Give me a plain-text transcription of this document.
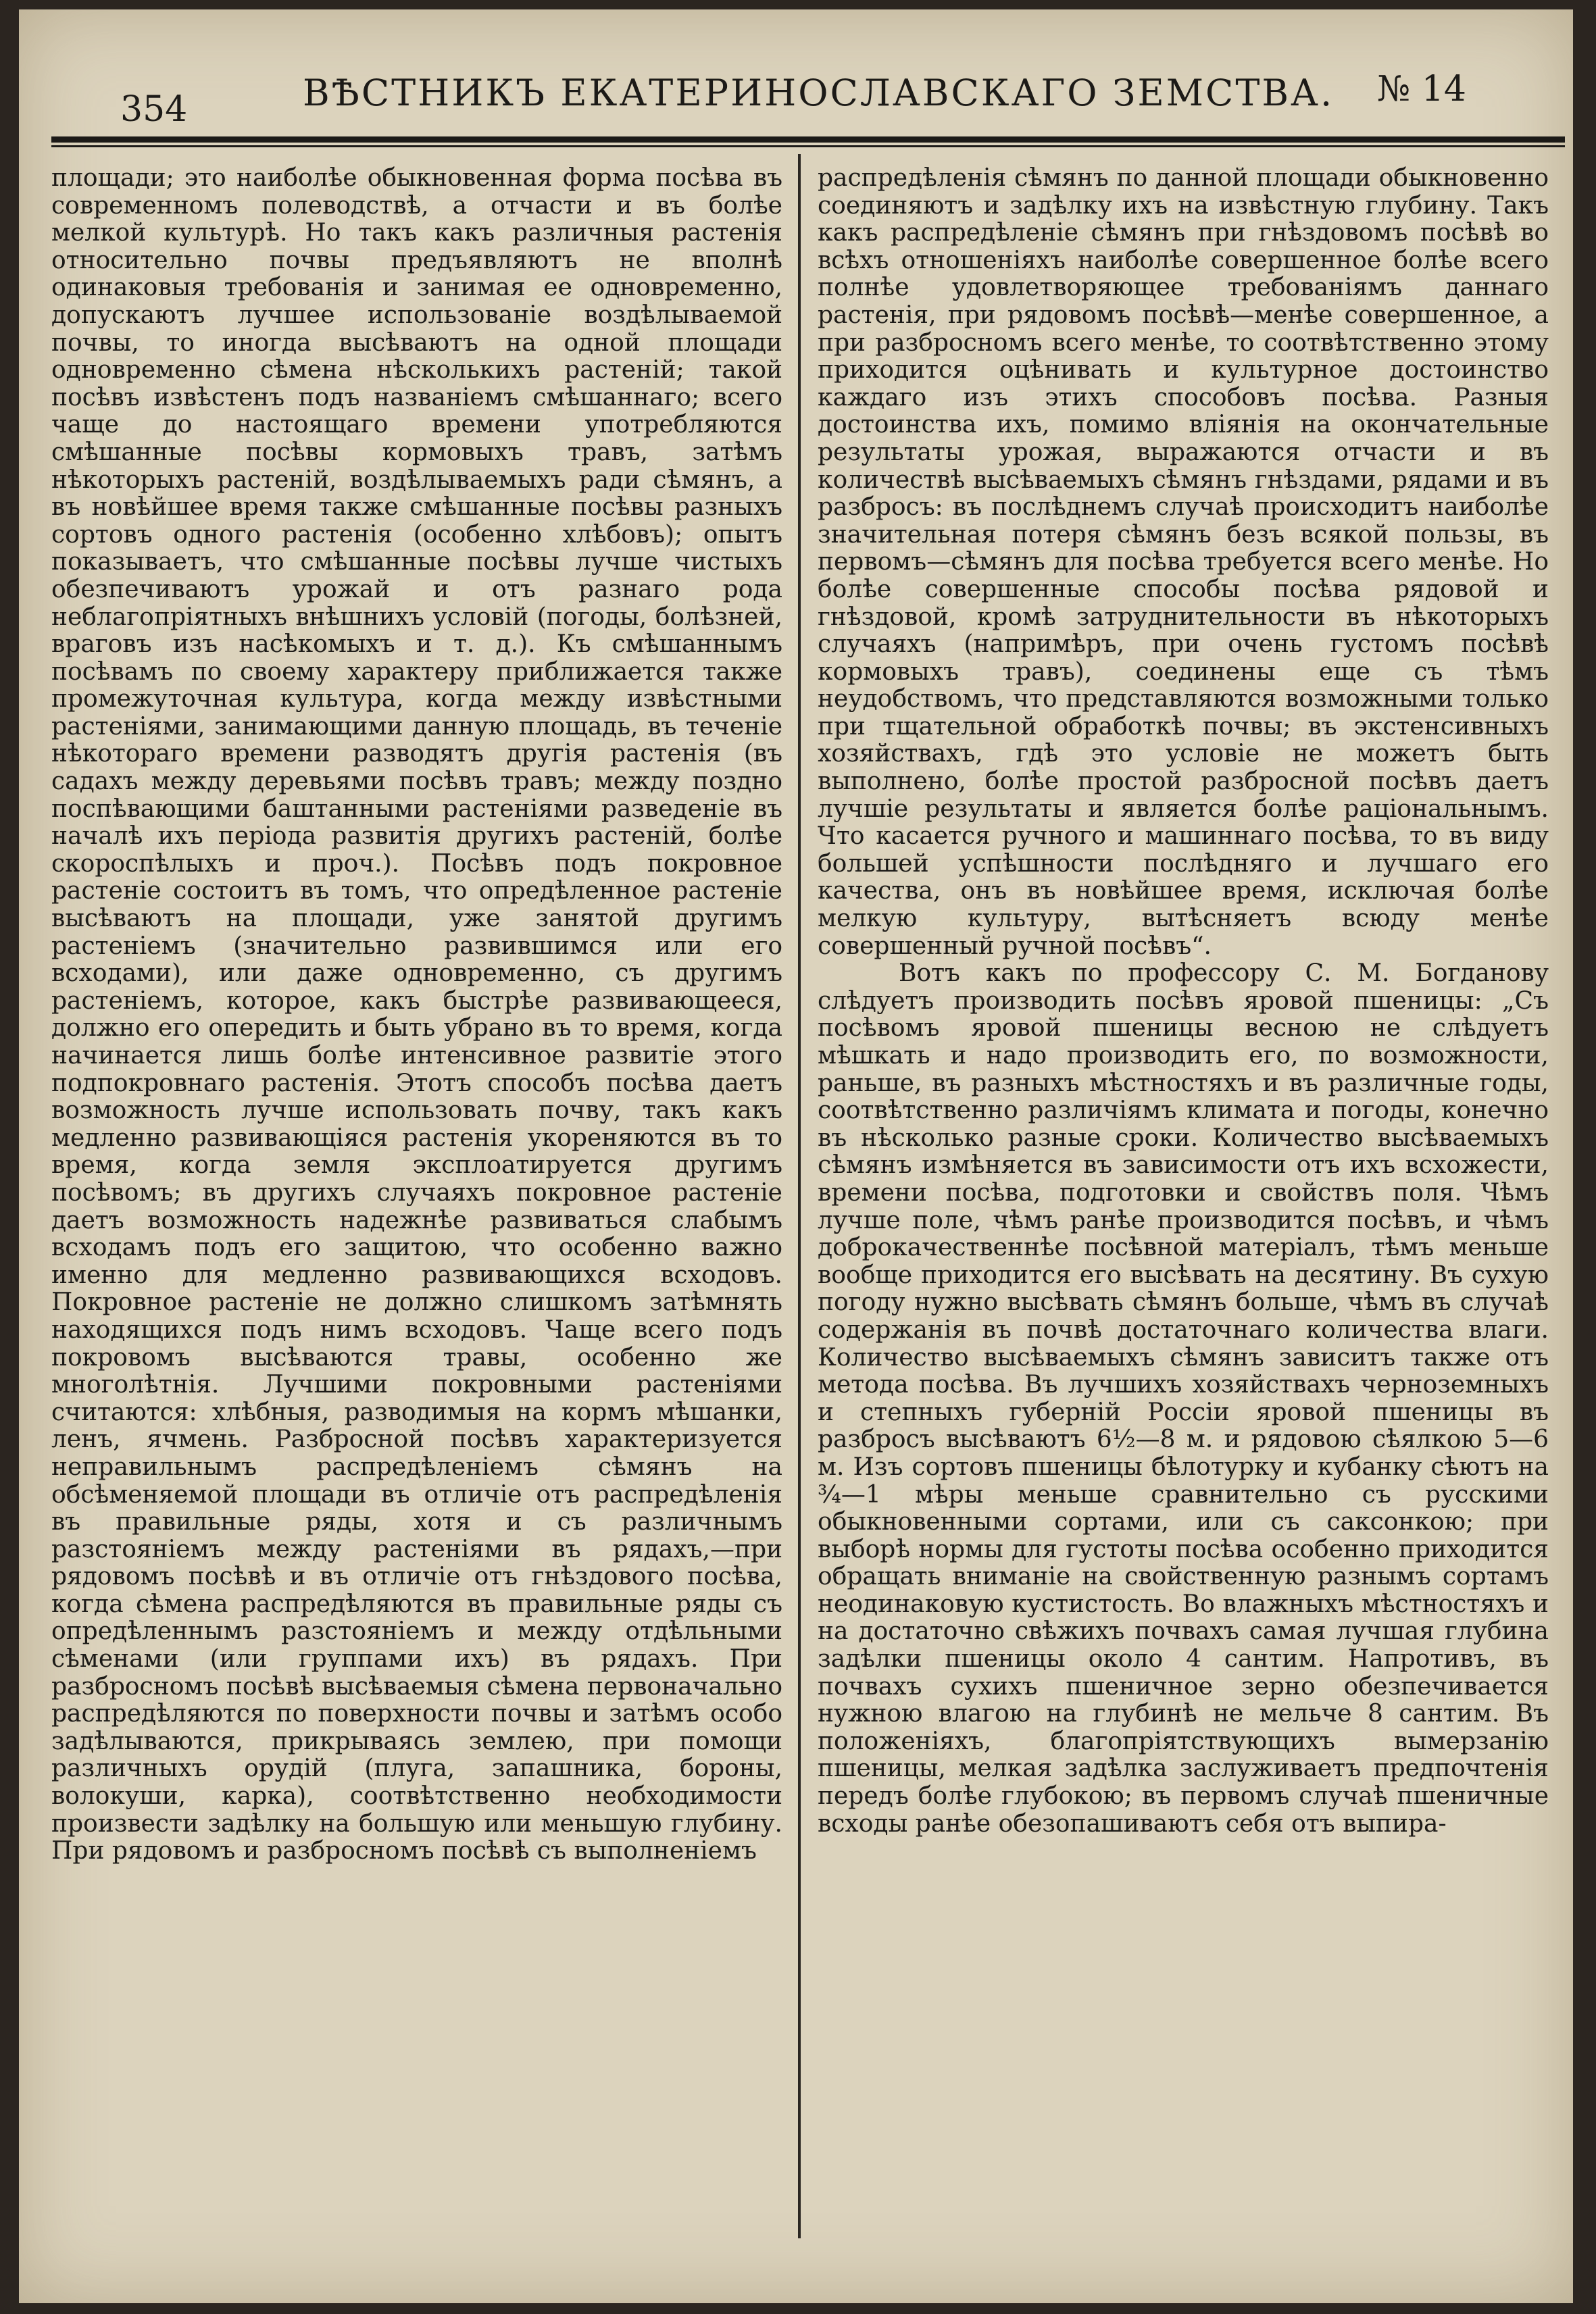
354	ВѢСТНИКЪ ЕКАТЕРИНОСЛАВСКАГО ЗЕМСТВА. № 14

площади; это наиболѣе обыкновенная форма посѣва въ современномъ полеводствѣ, а отчасти и въ болѣе мелкой культурѣ. Но такъ какъ различныя растенія относительно почвы предъявляютъ не вполнѣ одинаковыя требованія и занимая ее одновременно, допускаютъ лучшее использованіе воздѣлываемой почвы, то иногда высѣваютъ на одной площади одновременно сѣмена нѣсколькихъ растеній; такой посѣвъ извѣстенъ подъ названіемъ смѣшаннаго; всего чаще до настоящаго времени употребляются смѣшанные посѣвы кормовыхъ травъ, затѣмъ нѣкоторыхъ растеній, воздѣлываемыхъ ради сѣмянъ, а въ новѣйшее время также смѣшанные посѣвы разныхъ сортовъ одного растенія (особенно хлѣбовъ); опытъ показываетъ, что смѣшанные посѣвы лучше чистыхъ обезпечиваютъ урожай и отъ разнаго рода неблагопріятныхъ внѣшнихъ условій (погоды, болѣзней, враговъ изъ насѣкомыхъ и т. д.). Къ смѣшаннымъ посѣвамъ по своему характеру приближается также промежуточная культура, когда между извѣстными растеніями, занимающими данную площадь, въ теченіе нѣкотораго времени разводятъ другія растенія (въ садахъ между деревьями посѣвъ травъ; между поздно поспѣвающими баштанными растеніями разведеніе въ началѣ ихъ періода развитія другихъ растеній, болѣе скороспѣлыхъ и проч.). Посѣвъ подъ покровное растеніе состоитъ въ томъ, что опредѣленное растеніе высѣваютъ на площади, уже занятой другимъ растеніемъ (значительно развившимся или его всходами), или даже одновременно, съ другимъ растеніемъ, которое, какъ быстрѣе развивающееся, должно его опередить и быть убрано въ то время, когда начинается лишь болѣе интенсивное развитіе этого подпокровнаго растенія. Этотъ способъ посѣва даетъ возможность лучше использовать почву, такъ какъ медленно развивающіяся растенія укореняются въ то время, когда земля эксплоатируется другимъ посѣвомъ; въ другихъ случаяхъ покровное растеніе даетъ возможность надежнѣе развиваться слабымъ всходамъ подъ его защитою, что особенно важно именно для медленно развивающихся всходовъ. Покровное растеніе не должно слишкомъ затѣмнять находящихся подъ нимъ всходовъ. Чаще всего подъ покровомъ высѣваются травы, особенно же многолѣтнія. Лучшими покровными растеніями считаются: хлѣбныя, разводимыя на кормъ мѣшанки, ленъ, ячмень. Разбросной посѣвъ характеризуется неправильнымъ распредѣленіемъ сѣмянъ на обсѣменяемой площади въ отличіе отъ распредѣленія въ правильные ряды, хотя и съ различнымъ разстояніемъ между растеніями въ рядахъ,—при рядовомъ посѣвѣ и въ отличіе отъ гнѣздового посѣва, когда сѣмена распредѣляются въ правильные ряды съ опредѣленнымъ разстояніемъ и между отдѣльными сѣменами (или группами ихъ) въ рядахъ. При разбросномъ посѣвѣ высѣваемыя сѣмена первоначально распредѣляются по поверхности почвы и затѣмъ особо задѣлываются, прикрываясь землею, при помощи различныхъ орудій (плуга, запашника, бороны, волокуши, карка), соотвѣтственно необходимости произвести задѣлку на большую или меньшую глубину. При рядовомъ и разбросномъ посѣвѣ съ выполненіемъ

распредѣленія сѣмянъ по данной площади обыкновенно соединяютъ и задѣлку ихъ на извѣстную глубину. Такъ какъ распредѣленіе сѣмянъ при гнѣздовомъ посѣвѣ во всѣхъ отношеніяхъ наиболѣе совершенное болѣе всего полнѣе удовлетворяющее требованіямъ даннаго растенія, при рядовомъ посѣвѣ—менѣе совершенное, а при разбросномъ всего менѣе, то соотвѣтственно этому приходится оцѣнивать и культурное достоинство каждаго изъ этихъ способовъ посѣва. Разныя достоинства ихъ, помимо вліянія на окончательные результаты урожая, выражаются отчасти и въ количествѣ высѣваемыхъ сѣмянъ гнѣздами, рядами и въ разбросъ: въ послѣднемъ случаѣ происходитъ наиболѣе значительная потеря сѣмянъ безъ всякой пользы, въ первомъ—сѣмянъ для посѣва требуется всего менѣе. Но болѣе совершенные способы посѣва рядовой и гнѣздовой, кромѣ затруднительности въ нѣкоторыхъ случаяхъ (напримѣръ, при очень густомъ посѣвѣ кормовыхъ травъ), соединены еще съ тѣмъ неудобствомъ, что представляются возможными только при тщательной обработкѣ почвы; въ экстенсивныхъ хозяйствахъ, гдѣ это условіе не можетъ быть выполнено, болѣе простой разбросной посѣвъ даетъ лучшіе результаты и является болѣе раціональнымъ. Что касается ручного и машиннаго посѣва, то въ виду большей успѣшности послѣдняго и лучшаго его качества, онъ въ новѣйшее время, исключая болѣе мелкую культуру, вытѣсняетъ всюду менѣе совершенный ручной посѣвъ“.

Вотъ какъ по профессору С. М. Богданову слѣдуетъ производить посѣвъ яровой пшеницы: „Съ посѣвомъ яровой пшеницы весною не слѣдуетъ мѣшкать и надо производить его, по возможности, раньше, въ разныхъ мѣстностяхъ и въ различные годы, соотвѣтственно различіямъ климата и погоды, конечно въ нѣсколько разные сроки. Количество высѣваемыхъ сѣмянъ измѣняется въ зависимости отъ ихъ всхожести, времени посѣва, подготовки и свойствъ поля. Чѣмъ лучше поле, чѣмъ ранѣе производится посѣвъ, и чѣмъ доброкачественнѣе посѣвной матеріалъ, тѣмъ меньше вообще приходится его высѣвать на десятину. Въ сухую погоду нужно высѣвать сѣмянъ больше, чѣмъ въ случаѣ содержанія въ почвѣ достаточнаго количества влаги. Количество высѣваемыхъ сѣмянъ зависитъ также отъ метода посѣва. Въ лучшихъ хозяйствахъ черноземныхъ и степныхъ губерній Россіи яровой пшеницы въ разбросъ высѣваютъ 6½—8 м. и рядовою сѣялкою 5—6 м. Изъ сортовъ пшеницы бѣлотурку и кубанку сѣютъ на ¾—1 мѣры меньше сравнительно съ русскими обыкновенными сортами, или съ саксонкою; при выборѣ нормы для густоты посѣва особенно приходится обращать вниманіе на свойственную разнымъ сортамъ неодинаковую кустистость. Во влажныхъ мѣстностяхъ и на достаточно свѣжихъ почвахъ самая лучшая глубина задѣлки пшеницы около 4 сантим. Напротивъ, въ почвахъ сухихъ пшеничное зерно обезпечивается нужною влагою на глубинѣ не мельче 8 сантим. Въ положеніяхъ, благопріятствующихъ вымерзанію пшеницы, мелкая задѣлка заслуживаетъ предпочтенія передъ болѣе глубокою; въ первомъ случаѣ пшеничные всходы ранѣе обезопашиваютъ себя отъ выпира-
